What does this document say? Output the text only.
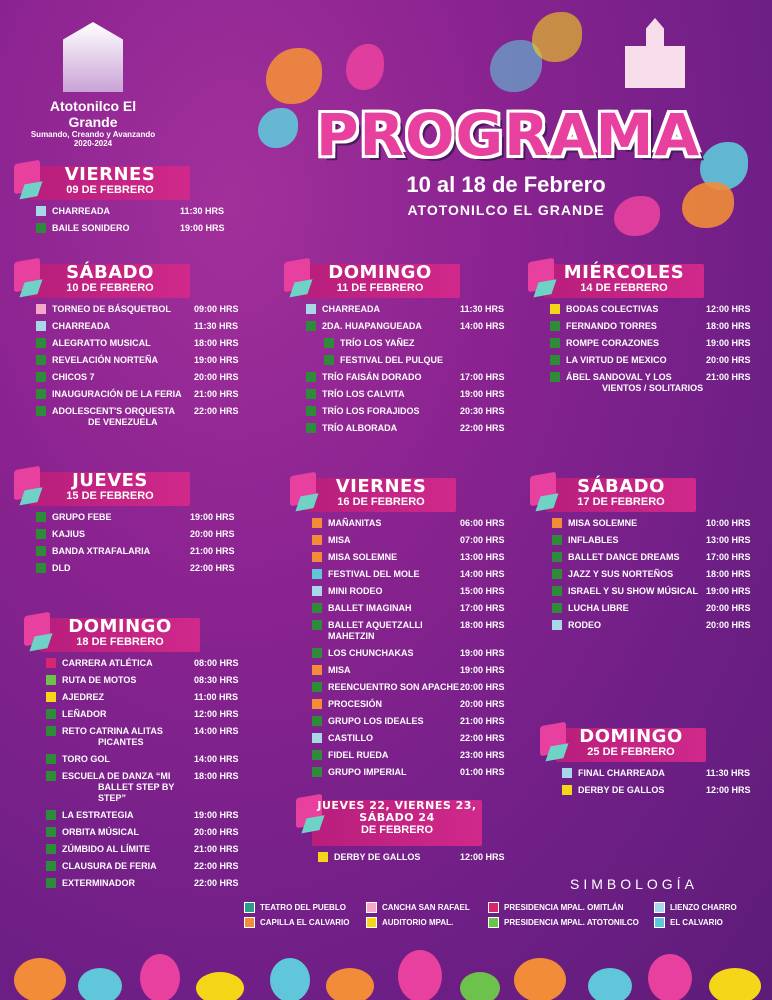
Atotonilco El Grande
Sumando, Creando y Avanzando
2020-2024	PROGRAMA
10 al 18 de Febrero
ATOTONILCO EL GRANDE
VIERNES
09 DE FEBRERO
CHARREADA	11:30 HRS
BAILE SONIDERO	19:00 HRS
SÁBADO
10 DE FEBRERO
TORNEO DE BÁSQUETBOL	09:00 HRS
CHARREADA	11:30 HRS
ALEGRATTO MUSICAL	18:00 HRS
REVELACIÓN NORTEÑA	19:00 HRS
CHICOS 7	20:00 HRS
INAUGURACIÓN DE LA FERIA	21:00 HRS
ADOLESCENT'S ORQUESTA
DE VENEZUELA
22:00 HRS
DOMINGO
11 DE FEBRERO
CHARREADA	11:30 HRS
2DA. HUAPANGUEADA	14:00 HRS
TRÍO LOS YAÑEZ
FESTIVAL DEL PULQUE
TRÍO FAISÁN DORADO	17:00 HRS
TRÍO LOS CALVITA	19:00 HRS
TRÍO LOS FORAJIDOS	20:30 HRS
TRÍO ALBORADA	22:00 HRS
MIÉRCOLES
14 DE FEBRERO
BODAS COLECTIVAS	12:00 HRS
FERNANDO TORRES	18:00 HRS
ROMPE CORAZONES	19:00 HRS
LA VIRTUD DE MEXICO	20:00 HRS
ÁBEL SANDOVAL Y LOS
VIENTOS / SOLITARIOS
21:00 HRS
JUEVES
15 DE FEBRERO
GRUPO FEBE	19:00 HRS
KAJIUS	20:00 HRS
BANDA XTRAFALARIA	21:00 HRS
DLD	22:00 HRS
VIERNES
16 DE FEBRERO
MAÑANITAS	06:00 HRS
MISA	07:00 HRS
MISA SOLEMNE	13:00 HRS
FESTIVAL DEL MOLE	14:00 HRS
MINI RODEO	15:00 HRS
BALLET IMAGINAH	17:00 HRS
BALLET AQUETZALLI MAHETZIN
18:00 HRS
LOS CHUNCHAKAS	19:00 HRS
MISA	19:00 HRS
REENCUENTRO SON APACHE 20:00 HRS
PROCESIÓN	20:00 HRS
GRUPO LOS IDEALES	21:00 HRS
CASTILLO	22:00 HRS
FIDEL RUEDA	23:00 HRS
GRUPO IMPERIAL	01:00 HRS
SÁBADO
17 DE FEBRERO
MISA SOLEMNE	10:00 HRS
INFLABLES	13:00 HRS
BALLET DANCE DREAMS	17:00 HRS
JAZZ Y SUS NORTEÑOS	18:00 HRS
ISRAEL Y SU SHOW MÚSICAL 19:00 HRS
LUCHA LIBRE	20:00 HRS
RODEO	20:00 HRS
DOMINGO
18 DE FEBRERO
CARRERA ATLÉTICA	08:00 HRS
RUTA DE MOTOS	08:30 HRS
AJEDREZ	11:00 HRS
LEÑADOR	12:00 HRS
RETO CATRINA ALITAS
PICANTES
14:00 HRS
TORO GOL	14:00 HRS
ESCUELA DE DANZA “MI
BALLET STEP BY STEP”
18:00 HRS
LA ESTRATEGIA	19:00 HRS
ORBITA MÚSICAL	20:00 HRS
ZÚMBIDO AL LÍMITE	21:00 HRS
CLAUSURA DE FERIA	22:00 HRS
EXTERMINADOR	22:00 HRS
JUEVES 22, VIERNES 23,
SÁBADO 24
DE FEBRERO
DERBY DE GALLOS	12:00 HRS
DOMINGO
25 DE FEBRERO
FINAL CHARREADA	11:30 HRS
DERBY DE GALLOS	12:00 HRS
SIMBOLOGÍA
TEATRO DEL PUEBLO
CAPILLA EL CALVARIO
CANCHA SAN RAFAEL
AUDITORIO MPAL.
PRESIDENCIA MPAL. OMITLÁN
PRESIDENCIA MPAL. ATOTONILCO
LIENZO CHARRO
EL CALVARIO
